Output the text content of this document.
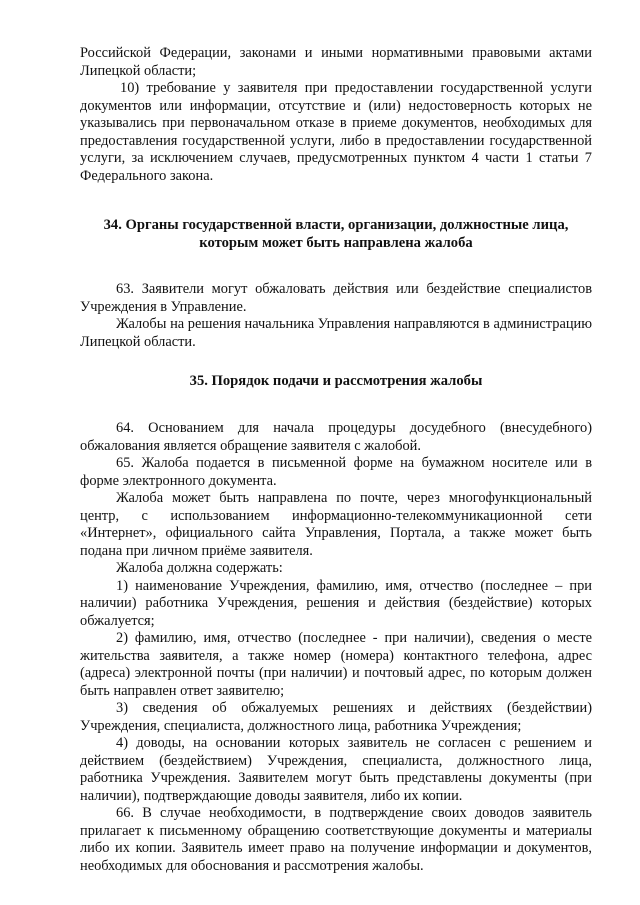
Российской Федерации, законами и иными нормативными правовыми актами Липецкой области;

10) требование у заявителя при предоставлении государственной услуги документов или информации, отсутствие и (или) недостоверность которых не указывались при первоначальном отказе в приеме документов, необходимых для предоставления государственной услуги, либо в предоставлении государственной услуги, за исключением случаев, предусмотренных пунктом 4 части 1 статьи 7 Федерального закона.

34. Органы государственной власти, организации, должностные лица, которым может быть направлена жалоба

63. Заявители могут обжаловать действия или бездействие специалистов Учреждения в Управление.

Жалобы на решения начальника Управления направляются в администрацию Липецкой области.

35. Порядок подачи и рассмотрения жалобы

64. Основанием для начала процедуры досудебного (внесудебного) обжалования является обращение заявителя с жалобой.

65. Жалоба подается в письменной форме на бумажном носителе или в форме электронного документа.

Жалоба может быть направлена по почте, через многофункциональный центр, с использованием информационно-телекоммуникационной сети «Интернет», официального сайта Управления, Портала, а также может быть подана при личном приёме заявителя.

Жалоба должна содержать:

1) наименование Учреждения, фамилию, имя, отчество (последнее – при наличии) работника Учреждения, решения и действия (бездействие) которых обжалуется;

2) фамилию, имя, отчество (последнее - при наличии), сведения о месте жительства заявителя, а также номер (номера) контактного телефона, адрес (адреса) электронной почты (при наличии) и почтовый адрес, по которым должен быть направлен ответ заявителю;

3) сведения об обжалуемых решениях и действиях (бездействии) Учреждения, специалиста, должностного лица, работника Учреждения;

4) доводы, на основании которых заявитель не согласен с решением и действием (бездействием) Учреждения, специалиста, должностного лица, работника Учреждения. Заявителем могут быть представлены документы (при наличии), подтверждающие доводы заявителя, либо их копии.

66. В случае необходимости, в подтверждение своих доводов заявитель прилагает к письменному обращению соответствующие документы и материалы либо их копии. Заявитель имеет право на получение информации и документов, необходимых для обоснования и рассмотрения жалобы.
